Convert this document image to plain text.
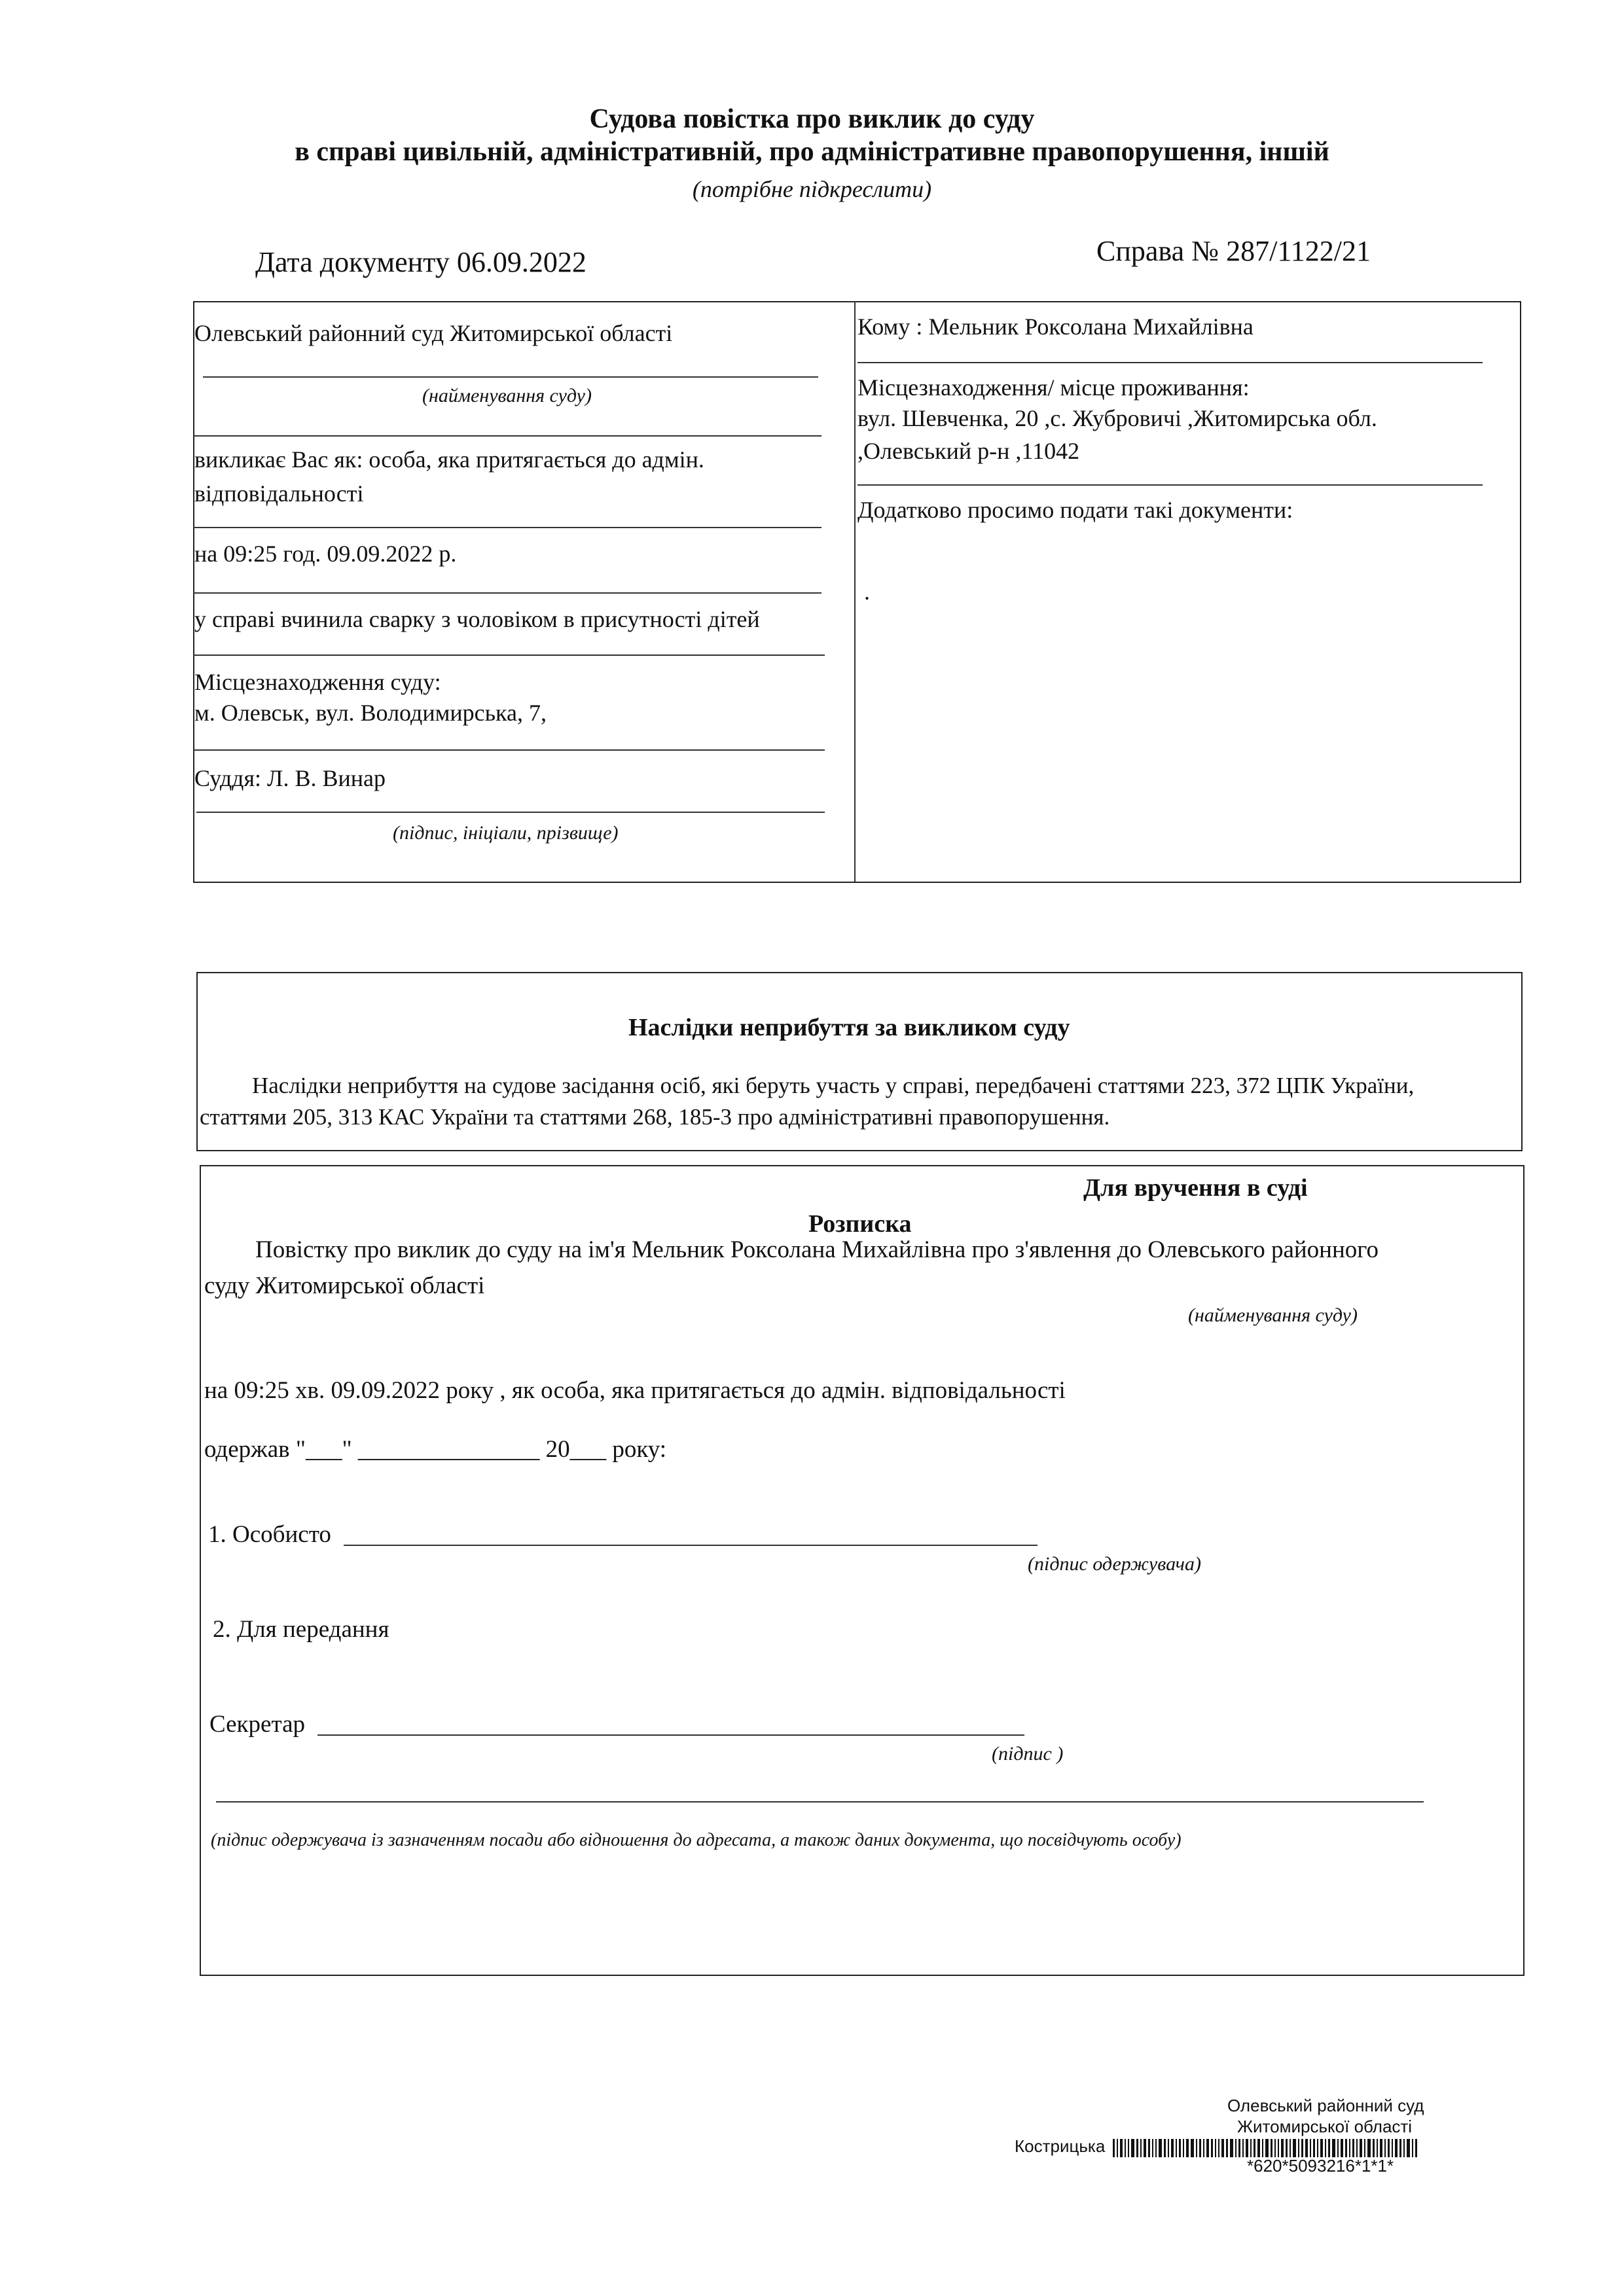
Судова повістка про виклик до суду
в справі цивільній, адміністративній, про адміністративне правопорушення, іншій
(потрібне підкреслити)
Дата документу 06.09.2022	Справа № 287/1122/21
Олевський районний суд Житомирської області
(найменування суду)
викликає Вас як: особа, яка притягається до адмін.
відповідальності
на 09:25 год. 09.09.2022 р.
у справі вчинила сварку з чоловіком в присутності дітей
Місцезнаходження суду:
м. Олевськ, вул. Володимирська, 7,
Суддя: Л. В. Винар
(підпис, ініціали, прізвище)
Кому : Мельник Роксолана Михайлівна
Місцезнаходження/ місце проживання:
вул. Шевченка, 20 ,с. Жубровичі ,Житомирська обл.
,Олевський р-н ,11042
Додатково просимо подати такі документи:
.
Наслідки неприбуття за викликом суду
Наслідки неприбуття на судове засідання осіб, які беруть участь у справі, передбачені статтями 223, 372 ЦПК України,
статтями 205, 313 КАС України та статтями 268, 185-3 про адміністративні правопорушення.
Для вручення в суді
Розписка
Повістку про виклик до суду на ім'я Мельник Роксолана Михайлівна про з'явлення до Олевського районного
суду Житомирської області
(найменування суду)
на 09:25 хв. 09.09.2022 року , як особа, яка притягається до адмін. відповідальності
одержав "___" _______________ 20___ року:
1. Особисто
(підпис одержувача)
2. Для передання
Секретар
(підпис )
(підпис одержувача із зазначенням посади або відношення до адресата, а також даних документа, що посвідчують особу)
Олевський районний суд
Житомирської області
Кострицька
*620*5093216*1*1*
